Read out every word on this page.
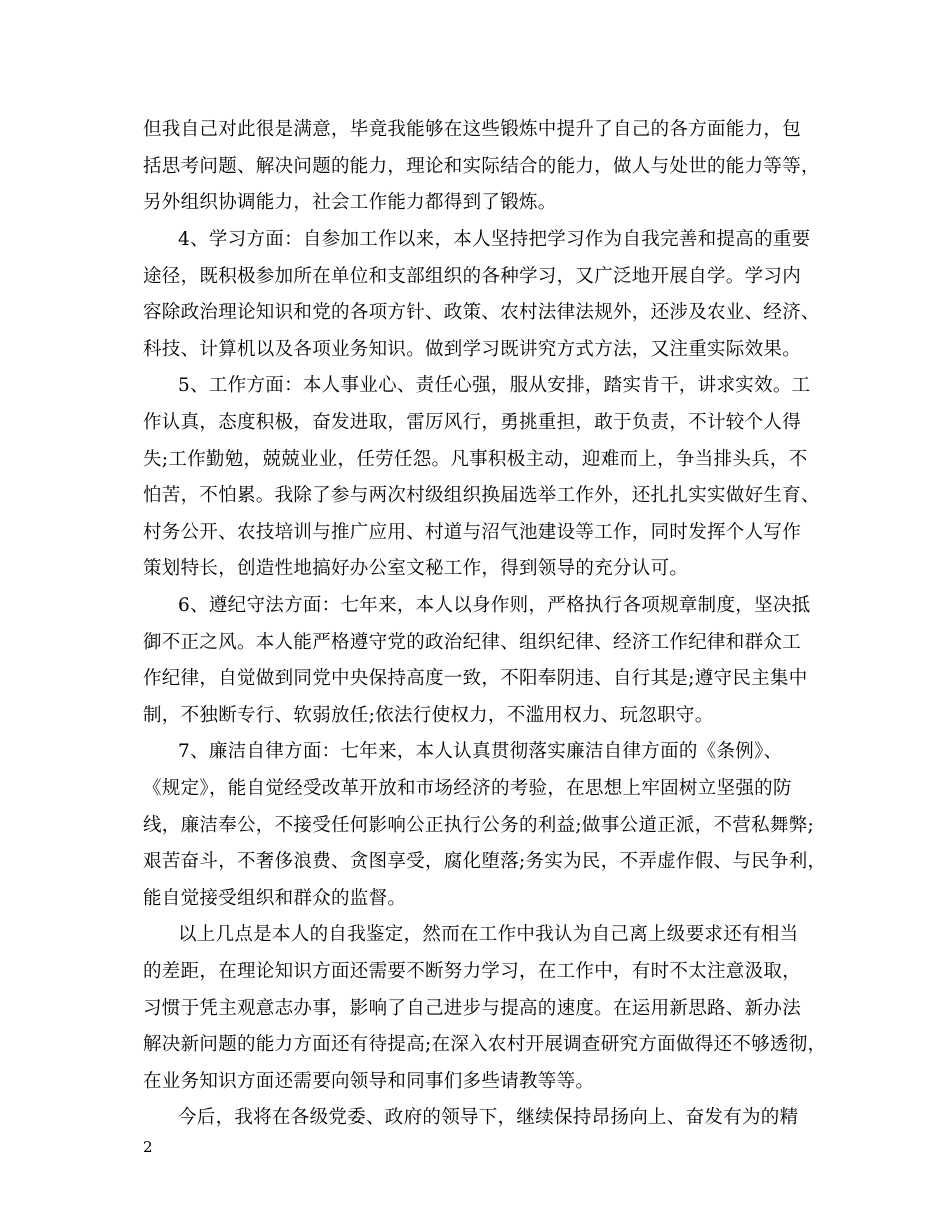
但我自己对此很是满意，毕竟我能够在这些锻炼中提升了自己的各方面能力，包
括思考问题、解决问题的能力，理论和实际结合的能力，做人与处世的能力等等，
另外组织协调能力，社会工作能力都得到了锻炼。
4、学习方面：自参加工作以来，本人坚持把学习作为自我完善和提高的重要
途径，既积极参加所在单位和支部组织的各种学习，又广泛地开展自学。学习内
容除政治理论知识和党的各项方针、政策、农村法律法规外，还涉及农业、经济、
科技、计算机以及各项业务知识。做到学习既讲究方式方法，又注重实际效果。
5、工作方面：本人事业心、责任心强，服从安排，踏实肯干，讲求实效。工
作认真，态度积极，奋发进取，雷厉风行，勇挑重担，敢于负责，不计较个人得
失;工作勤勉，兢兢业业，任劳任怨。凡事积极主动，迎难而上，争当排头兵，不
怕苦，不怕累。我除了参与两次村级组织换届选举工作外，还扎扎实实做好生育、
村务公开、农技培训与推广应用、村道与沼气池建设等工作，同时发挥个人写作
策划特长，创造性地搞好办公室文秘工作，得到领导的充分认可。
6、遵纪守法方面：七年来，本人以身作则，严格执行各项规章制度，坚决抵
御不正之风。本人能严格遵守党的政治纪律、组织纪律、经济工作纪律和群众工
作纪律，自觉做到同党中央保持高度一致，不阳奉阴违、自行其是;遵守民主集中
制，不独断专行、软弱放任;依法行使权力，不滥用权力、玩忽职守。
7、廉洁自律方面：七年来，本人认真贯彻落实廉洁自律方面的《条例》、
《规定》，能自觉经受改革开放和市场经济的考验，在思想上牢固树立坚强的防
线，廉洁奉公，不接受任何影响公正执行公务的利益;做事公道正派，不营私舞弊;
艰苦奋斗，不奢侈浪费、贪图享受，腐化堕落;务实为民，不弄虚作假、与民争利，
能自觉接受组织和群众的监督。
以上几点是本人的自我鉴定，然而在工作中我认为自己离上级要求还有相当
的差距，在理论知识方面还需要不断努力学习，在工作中，有时不太注意汲取，
习惯于凭主观意志办事，影响了自己进步与提高的速度。在运用新思路、新办法
解决新问题的能力方面还有待提高;在深入农村开展调查研究方面做得还不够透彻，
在业务知识方面还需要向领导和同事们多些请教等等。
今后，我将在各级党委、政府的领导下，继续保持昂扬向上、奋发有为的精
2
